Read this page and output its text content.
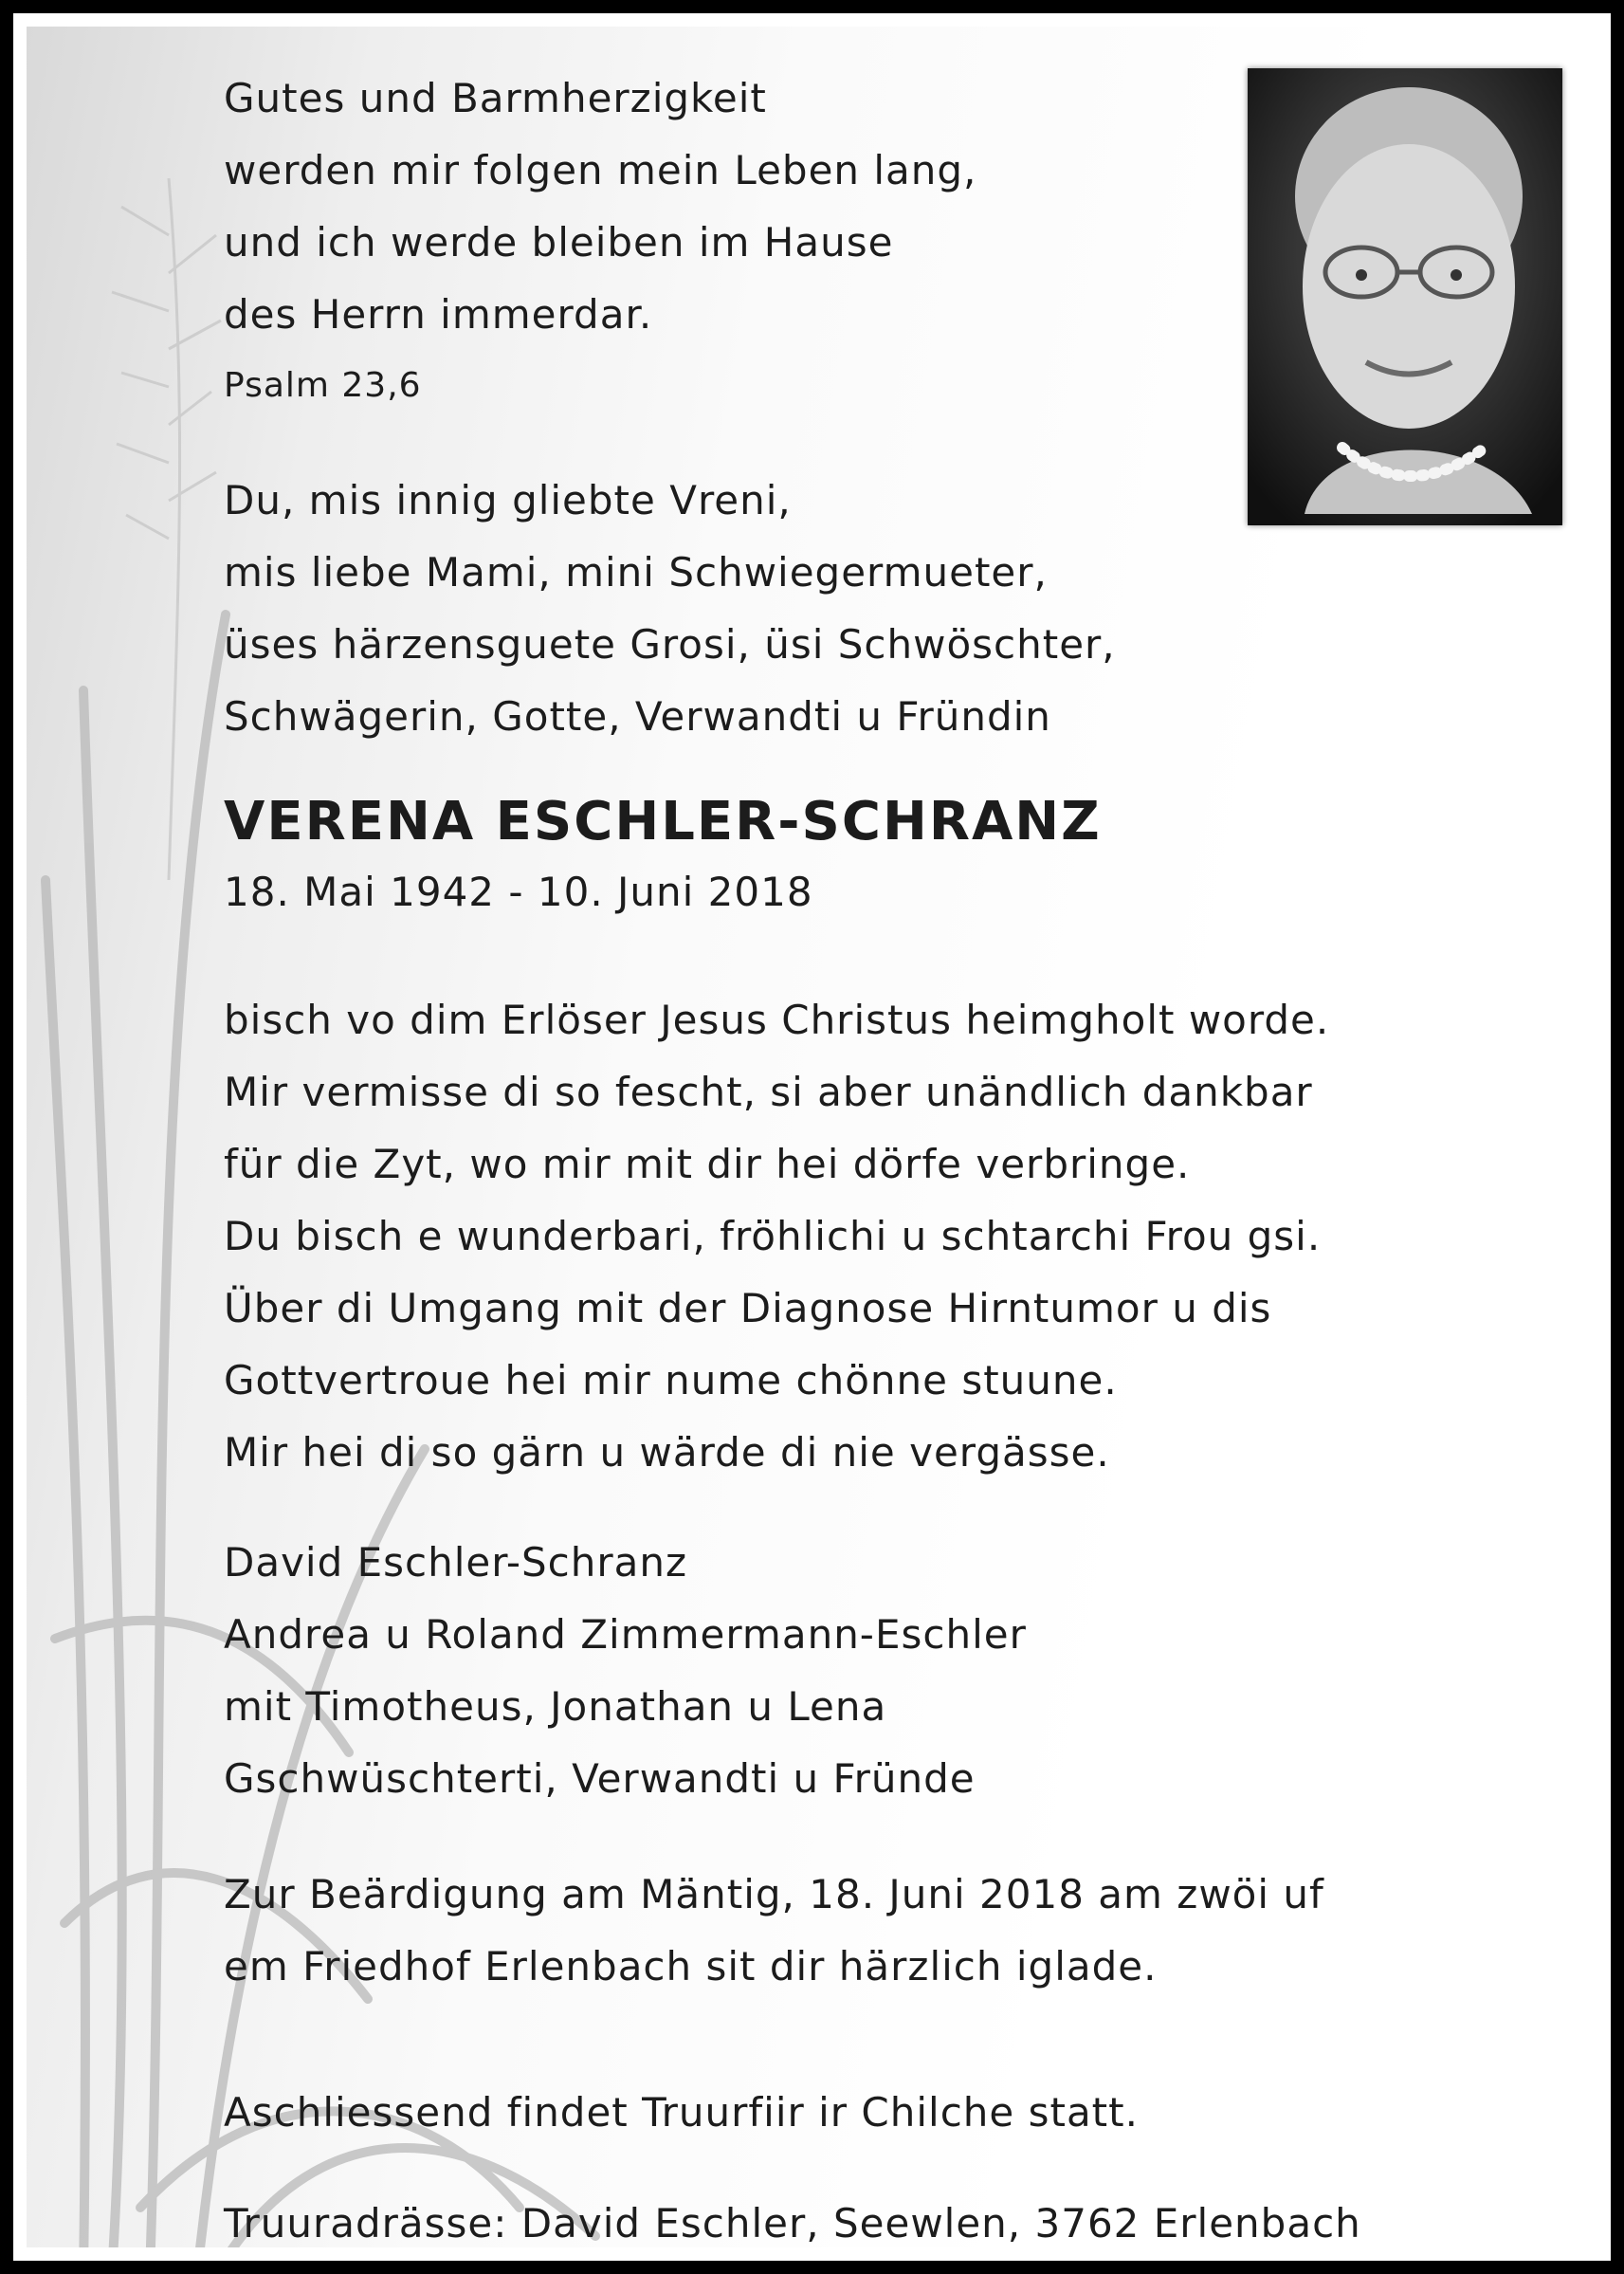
Gutes und Barmherzigkeit
werden mir folgen mein Leben lang,
und ich werde bleiben im Hause
des Herrn immerdar.
Psalm 23,6
Du, mis innig gliebte Vreni,
mis liebe Mami, mini Schwiegermueter,
üses härzensguete Grosi, üsi Schwöschter,
Schwägerin, Gotte, Verwandti u Fründin
VERENA ESCHLER-SCHRANZ
18. Mai 1942 - 10. Juni 2018
bisch vo dim Erlöser Jesus Christus heimgholt worde.
Mir vermisse di so fescht, si aber unändlich dankbar
für die Zyt, wo mir mit dir hei dörfe verbringe.
Du bisch e wunderbari, fröhlichi u schtarchi Frou gsi.
Über di Umgang mit der Diagnose Hirntumor u dis
Gottvertroue hei mir nume chönne stuune.
Mir hei di so gärn u wärde di nie vergässe.
David Eschler-Schranz
Andrea u Roland Zimmermann-Eschler
mit Timotheus, Jonathan u Lena
Gschwüschterti, Verwandti u Fründe
Zur Beärdigung am Mäntig, 18. Juni 2018 am zwöi uf
em Friedhof Erlenbach sit dir härzlich iglade.
Aschliessend findet Truurfiir ir Chilche statt.
Truuradrässe: David Eschler, Seewlen, 3762 Erlenbach
